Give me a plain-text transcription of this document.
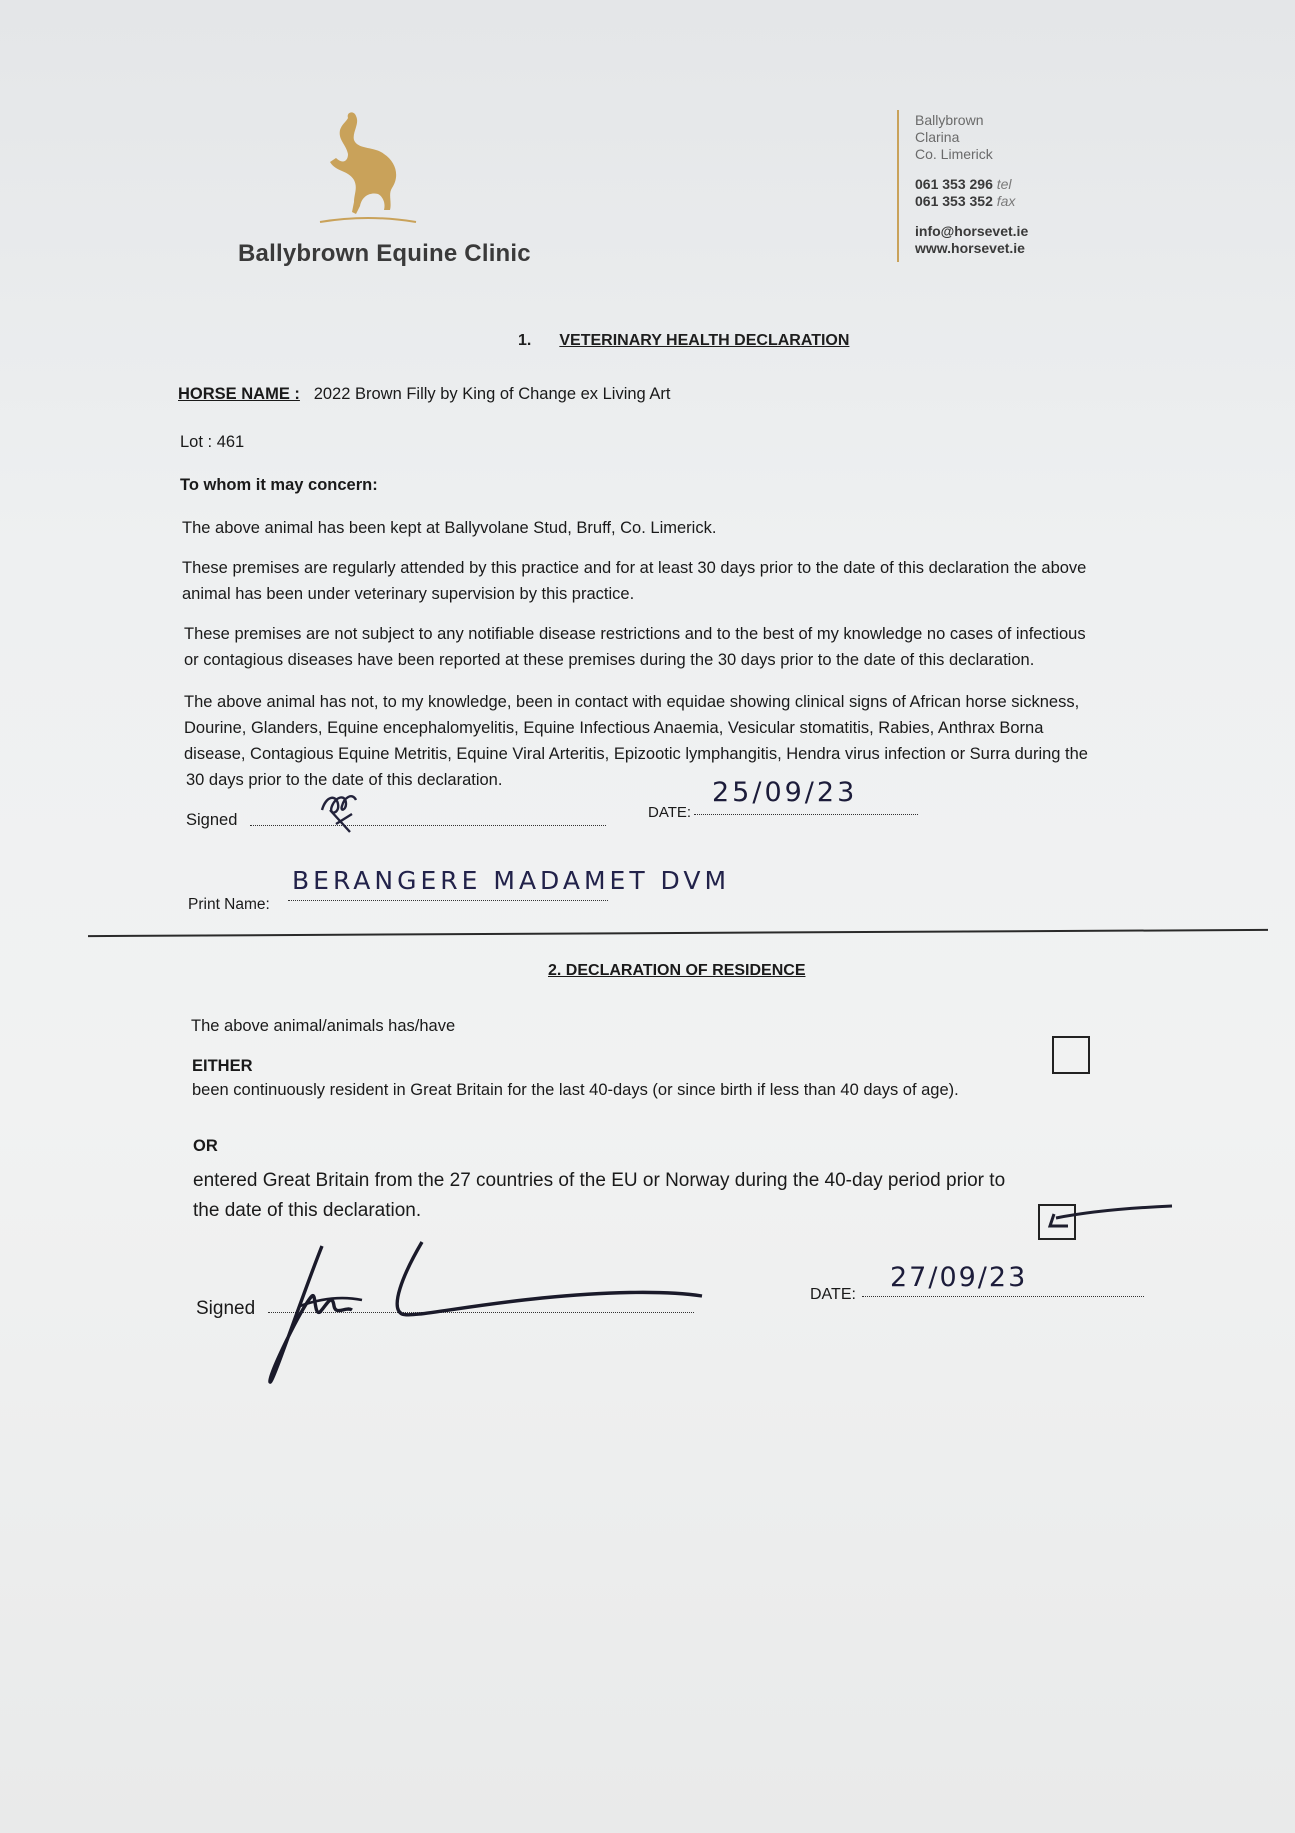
Ballybrown Equine Clinic
Ballybrown
Clarina
Co. Limerick
061 353 296 tel
061 353 352 fax
info@horsevet.ie
www.horsevet.ie
1. VETERINARY HEALTH DECLARATION
HORSE NAME : 2022 Brown Filly by King of Change ex Living Art
Lot : 461
To whom it may concern:
The above animal has been kept at Ballyvolane Stud, Bruff, Co. Limerick.
These premises are regularly attended by this practice and for at least 30 days prior to the date of this declaration the above
animal has been under veterinary supervision by this practice.
These premises are not subject to any notifiable disease restrictions and to the best of my knowledge no cases of infectious
or contagious diseases have been reported at these premises during the 30 days prior to the date of this declaration.
The above animal has not, to my knowledge, been in contact with equidae showing clinical signs of African horse sickness,
Dourine, Glanders, Equine encephalomyelitis, Equine Infectious Anaemia, Vesicular stomatitis, Rabies, Anthrax Borna
disease, Contagious Equine Metritis, Equine Viral Arteritis, Epizootic lymphangitis, Hendra virus infection or Surra during the
30 days prior to the date of this declaration.
Signed	DATE:
25/09/23
Print Name:
BERANGERE MADAMET DVM
2. DECLARATION OF RESIDENCE
The above animal/animals has/have
EITHER
been continuously resident in Great Britain for the last 40-days (or since birth if less than 40 days of age).
OR
entered Great Britain from the 27 countries of the EU or Norway during the 40-day period prior to
the date of this declaration.
Signed
DATE:
27/09/23
